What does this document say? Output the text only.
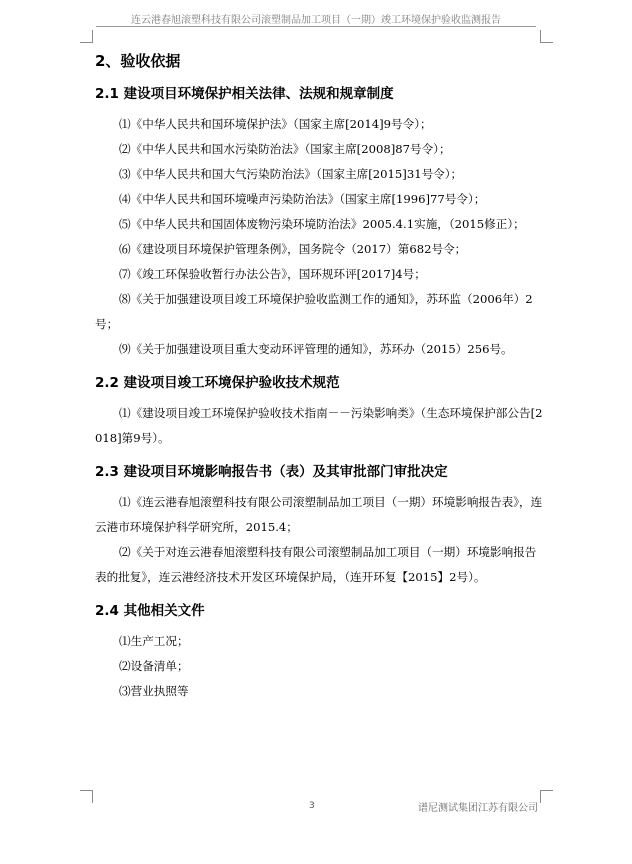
连云港春旭滚塑科技有限公司滚塑制品加工项目（一期）竣工环境保护验收监测报告
2、验收依据
2.1 建设项目环境保护相关法律、法规和规章制度
⑴《中华人民共和国环境保护法》（国家主席[2014]9号令）；
⑵《中华人民共和国水污染防治法》（国家主席[2008]87号令）；
⑶《中华人民共和国大气污染防治法》（国家主席[2015]31号令）；
⑷《中华人民共和国环境噪声污染防治法》（国家主席[1996]77号令）；
⑸《中华人民共和国固体废物污染环境防治法》2005.4.1实施，（2015修正）；
⑹《建设项目环境保护管理条例》，国务院令（2017）第682号令；
⑺《竣工环保验收暂行办法公告》，国环规环评[2017]4号；
⑻《关于加强建设项目竣工环境保护验收监测工作的通知》，苏环监（2006年）2号；
⑼《关于加强建设项目重大变动环评管理的通知》，苏环办（2015）256号。
2.2 建设项目竣工环境保护验收技术规范
⑴《建设项目竣工环境保护验收技术指南－－污染影响类》（生态环境保护部公告[2018]第9号）。
2.3 建设项目环境影响报告书（表）及其审批部门审批决定
⑴《连云港春旭滚塑科技有限公司滚塑制品加工项目（一期）环境影响报告表》，连云港市环境保护科学研究所，2015.4；
⑵《关于对连云港春旭滚塑科技有限公司滚塑制品加工项目（一期）环境影响报告表的批复》，连云港经济技术开发区环境保护局，（连开环复【2015】2号）。
2.4 其他相关文件
⑴生产工况；
⑵设备清单；
⑶营业执照等
3	谱尼测试集团江苏有限公司
